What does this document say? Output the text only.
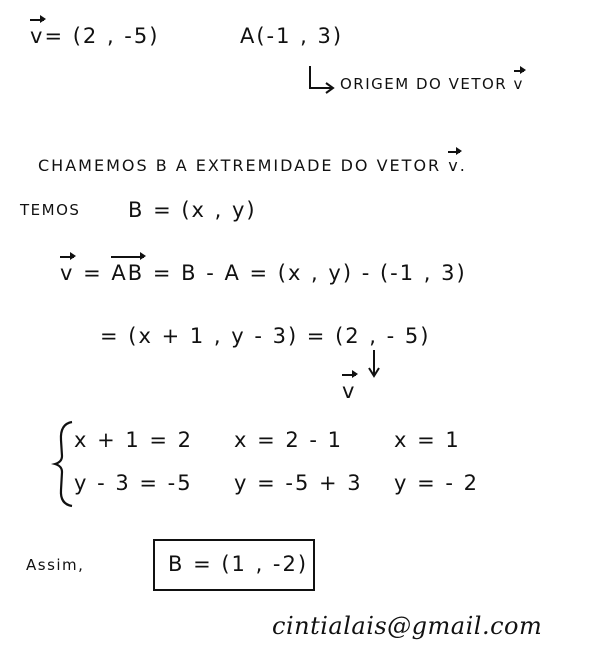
v= (2 , -5)	A(-1 , 3)
ORIGEM DO VETOR v
CHAMEMOS B A EXTREMIDADE DO VETOR v.
TEMOS B = (x , y)
v = AB = B - A = (x , y) - (-1 , 3)
= (x + 1 , y - 3) = (2 , - 5)
v
x + 1 = 2
y - 3 = -5
x = 2 - 1
y = -5 + 3
x = 1
y = - 2
Assim,	B = (1 , -2)
cintialais@gmail.com
